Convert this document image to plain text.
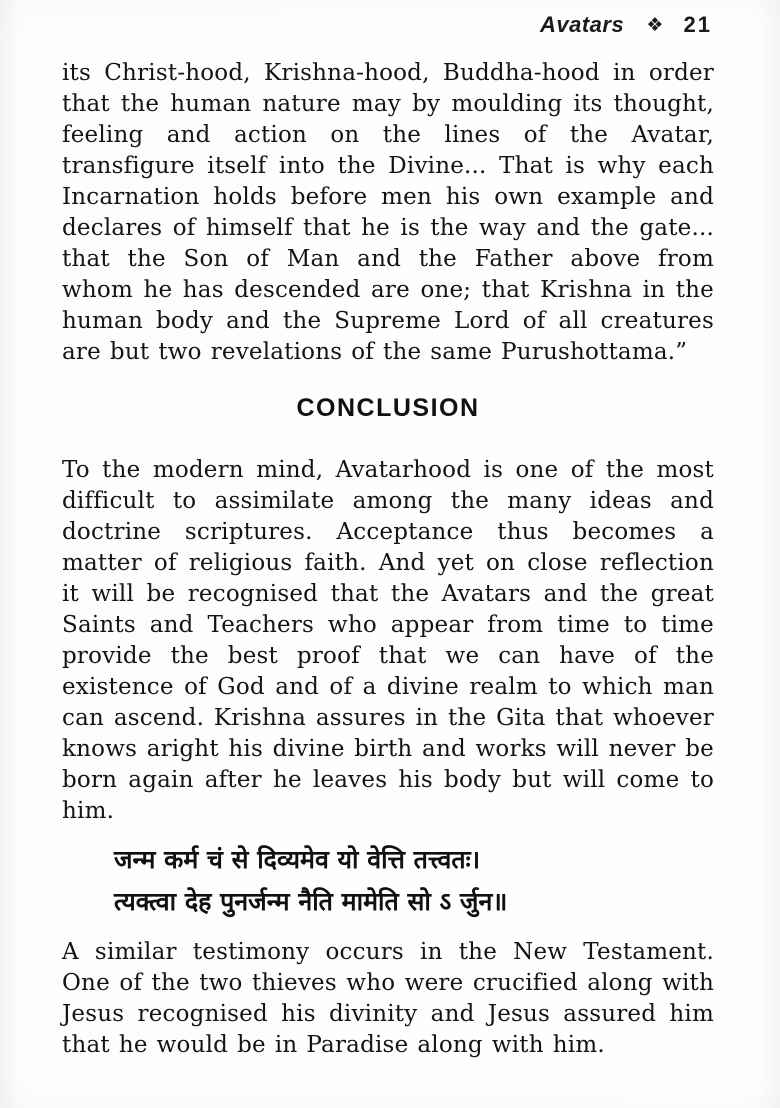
Avatars ❖ 21

its Christ-hood, Krishna-hood, Buddha-hood in order that the human nature may by moulding its thought, feeling and action on the lines of the Avatar, transfigure itself into the Divine... That is why each Incarnation holds before men his own example and declares of himself that he is the way and the gate... that the Son of Man and the Father above from whom he has descended are one; that Krishna in the human body and the Supreme Lord of all creatures are but two revelations of the same Purushottama.”

CONCLUSION

To the modern mind, Avatarhood is one of the most difficult to assimilate among the many ideas and doctrine scriptures. Acceptance thus becomes a matter of religious faith. And yet on close reflection it will be recognised that the Avatars and the great Saints and Teachers who appear from time to time provide the best proof that we can have of the existence of God and of a divine realm to which man can ascend. Krishna assures in the Gita that whoever knows aright his divine birth and works will never be born again after he leaves his body but will come to him.

जन्म कर्म चं से दिव्यमेव यो वेत्ति तत्त्वतः।
त्यक्त्वा देह पुनर्जन्म नैति मामेति सो ऽ र्जुन॥

A similar testimony occurs in the New Testament. One of the two thieves who were crucified along with Jesus recognised his divinity and Jesus assured him that he would be in Paradise along with him.
